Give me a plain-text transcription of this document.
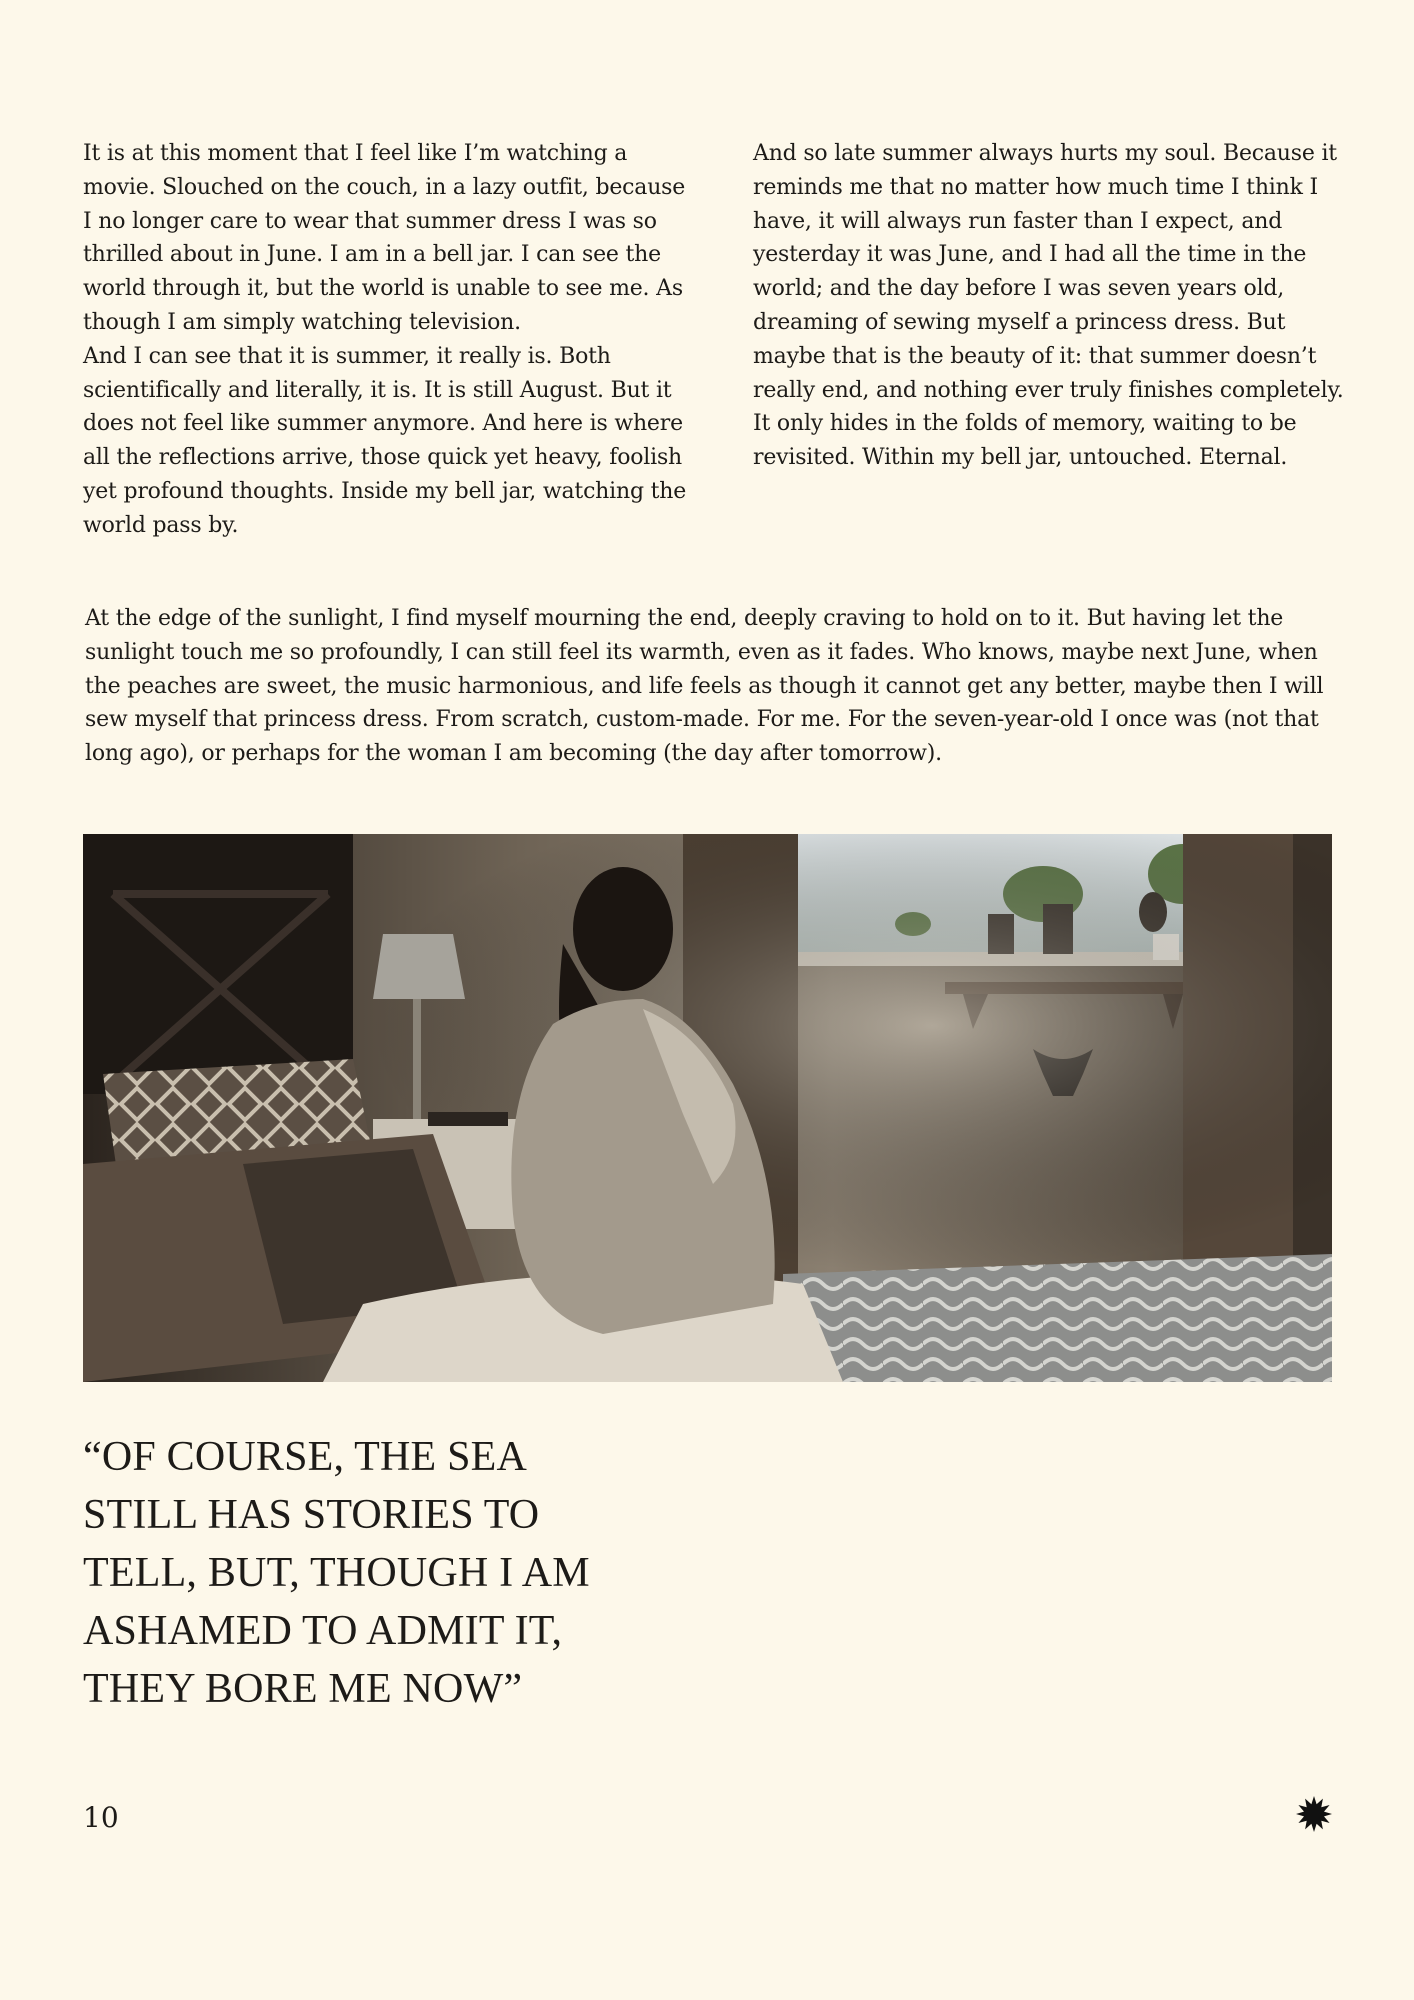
It is at this moment that I feel like I’m watching a movie. Slouched on the couch, in a lazy outfit, because I no longer care to wear that summer dress I was so thrilled about in June. I am in a bell jar. I can see the world through it, but the world is unable to see me. As though I am simply watching television.

And I can see that it is summer, it really is. Both scientifically and literally, it is. It is still August. But it does not feel like summer anymore. And here is where all the reflections arrive, those quick yet heavy, foolish yet profound thoughts. Inside my bell jar, watching the world pass by.

And so late summer always hurts my soul. Because it reminds me that no matter how much time I think I have, it will always run faster than I expect, and yesterday it was June, and I had all the time in the world; and the day before I was seven years old, dreaming of sewing myself a princess dress. But maybe that is the beauty of it: that summer doesn’t really end, and nothing ever truly finishes completely. It only hides in the folds of memory, waiting to be revisited. Within my bell jar, untouched. Eternal.

At the edge of the sunlight, I find myself mourning the end, deeply craving to hold on to it. But having let the sunlight touch me so profoundly, I can still feel its warmth, even as it fades. Who knows, maybe next June, when the peaches are sweet, the music harmonious, and life feels as though it cannot get any better, maybe then I will sew myself that princess dress. From scratch, custom-made. For me. For the seven-year-old I once was (not that long ago), or perhaps for the woman I am becoming (the day after tomorrow).

“OF COURSE, THE SEA STILL HAS STORIES TO TELL, BUT, THOUGH I AM ASHAMED TO ADMIT IT, THEY BORE ME NOW”

10
